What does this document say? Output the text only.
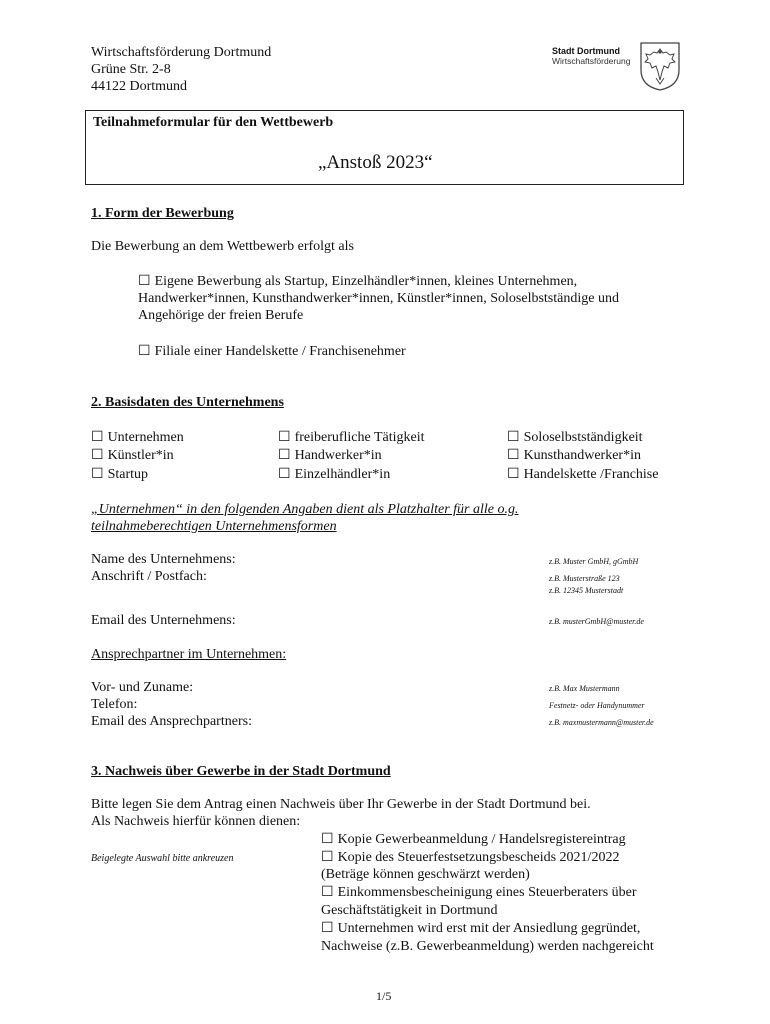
Wirtschaftsförderung Dortmund
Grüne Str. 2-8
44122 Dortmund
Stadt Dortmund
Wirtschaftsförderung
Teilnahmeformular für den Wettbewerb
„Anstoß 2023“
1. Form der Bewerbung
Die Bewerbung an dem Wettbewerb erfolgt als
☐ Eigene Bewerbung als Startup, Einzelhändler*innen, kleines Unternehmen,
Handwerker*innen, Kunsthandwerker*innen, Künstler*innen, Soloselbstständige und
Angehörige der freien Berufe
☐ Filiale einer Handelskette / Franchisenehmer
2. Basisdaten des Unternehmens
☐ Unternehmen	☐ freiberufliche Tätigkeit	☐ Soloselbstständigkeit
☐ Künstler*in	☐ Handwerker*in	☐ Kunsthandwerker*in
☐ Startup	☐ Einzelhändler*in	☐ Handelskette /Franchise
„Unternehmen“ in den folgenden Angaben dient als Platzhalter für alle o.g.
teilnahmeberechtigen Unternehmensformen
Name des Unternehmens:	z.B. Muster GmbH, gGmbH
Anschrift / Postfach:	z.B. Musterstraße 123
z.B. 12345 Musterstadt
Email des Unternehmens:	z.B. musterGmbH@muster.de
Ansprechpartner im Unternehmen:
Vor- und Zuname:	z.B. Max Mustermann
Telefon:	Festnetz- oder Handynummer
Email des Ansprechpartners:	z.B. maxmustermann@muster.de
3. Nachweis über Gewerbe in der Stadt Dortmund
Bitte legen Sie dem Antrag einen Nachweis über Ihr Gewerbe in der Stadt Dortmund bei.
Als Nachweis hierfür können dienen:
☐ Kopie Gewerbeanmeldung / Handelsregistereintrag
Beigelegte Auswahl bitte ankreuzen	☐ Kopie des Steuerfestsetzungsbescheids 2021/2022
(Beträge können geschwärzt werden)
☐ Einkommensbescheinigung eines Steuerberaters über
Geschäftstätigkeit in Dortmund
☐ Unternehmen wird erst mit der Ansiedlung gegründet,
Nachweise (z.B. Gewerbeanmeldung) werden nachgereicht
1/5
